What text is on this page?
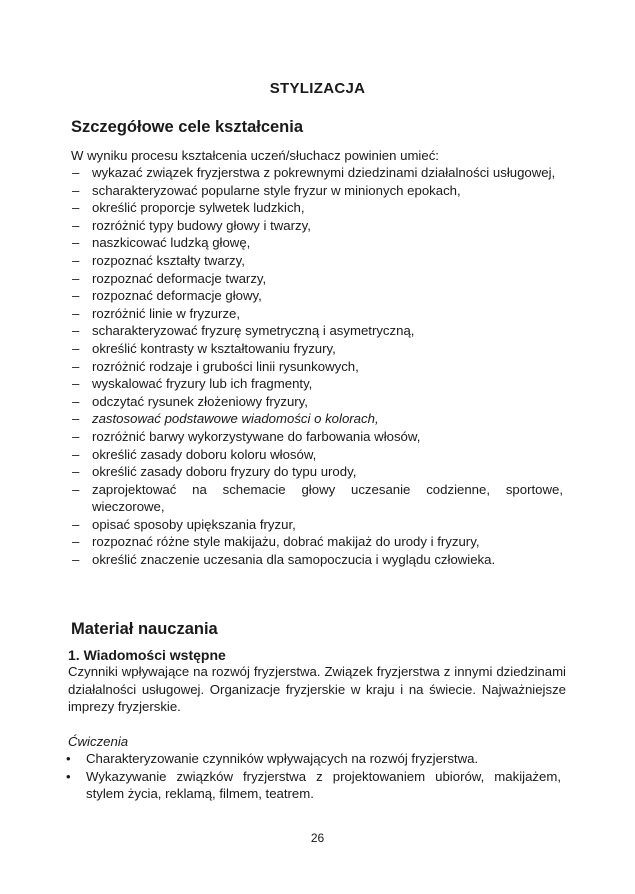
STYLIZACJA
Szczegółowe cele kształcenia
W wyniku procesu kształcenia uczeń/słuchacz powinien umieć:
– wykazać związek fryzjerstwa z pokrewnymi dziedzinami działalności usługowej,
– scharakteryzować popularne style fryzur w minionych epokach,
– określić proporcje sylwetek ludzkich,
– rozróżnić typy budowy głowy i twarzy,
– naszkicować ludzką głowę,
– rozpoznać kształty twarzy,
– rozpoznać deformacje twarzy,
– rozpoznać deformacje głowy,
– rozróżnić linie w fryzurze,
– scharakteryzować fryzurę symetryczną i asymetryczną,
– określić kontrasty w kształtowaniu fryzury,
– rozróżnić rodzaje i grubości linii rysunkowych,
– wyskalować fryzury lub ich fragmenty,
– odczytać rysunek złożeniowy fryzury,
– zastosować podstawowe wiadomości o kolorach,
– rozróżnić barwy wykorzystywane do farbowania włosów,
– określić zasady doboru koloru włosów,
– określić zasady doboru fryzury do typu urody,
– zaprojektować na schemacie głowy uczesanie codzienne, sportowe, wieczorowe,
– opisać sposoby upiększania fryzur,
– rozpoznać różne style makijażu, dobrać makijaż do urody i fryzury,
– określić znaczenie uczesania dla samopoczucia i wyglądu człowieka.
Materiał nauczania
1. Wiadomości wstępne
Czynniki wpływające na rozwój fryzjerstwa. Związek fryzjerstwa z innymi dziedzinami działalności usługowej. Organizacje fryzjerskie w kraju i na świecie. Najważniejsze imprezy fryzjerskie.
Ćwiczenia
• Charakteryzowanie czynników wpływających na rozwój fryzjerstwa.
• Wykazywanie związków fryzjerstwa z projektowaniem ubiorów, makijażem, stylem życia, reklamą, filmem, teatrem.
26
